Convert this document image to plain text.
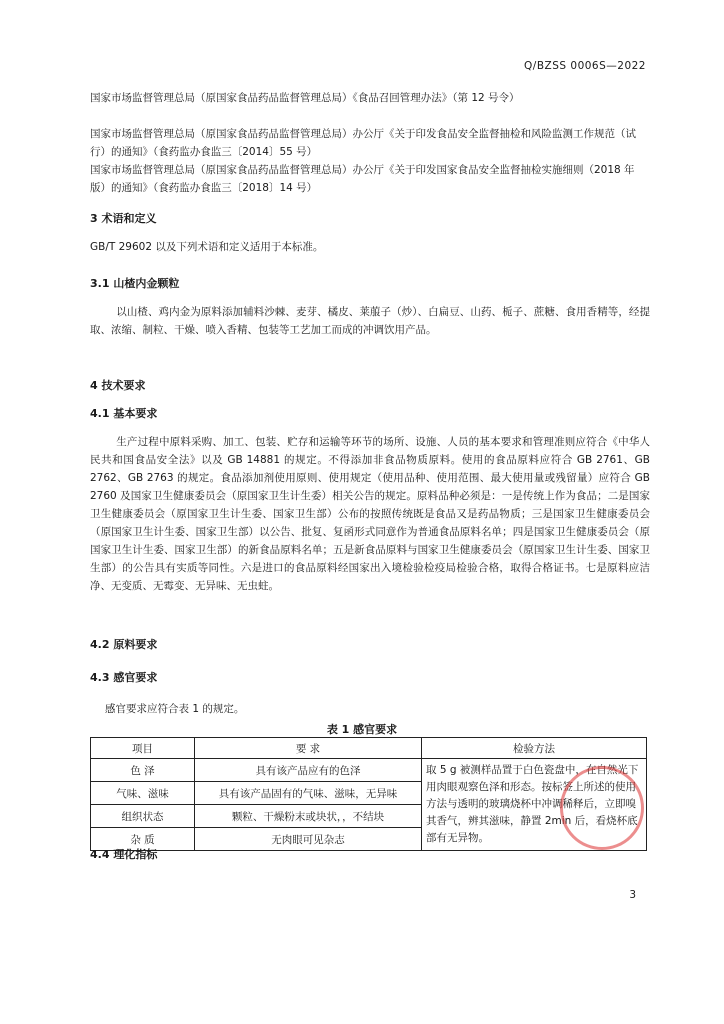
Q/BZSS 0006S—2022
国家市场监督管理总局（原国家食品药品监督管理总局）《食品召回管理办法》（第 12 号令）
国家市场监督管理总局（原国家食品药品监督管理总局）办公厅《关于印发食品安全监督抽检和风险监测工作规范（试行）的通知》（食药监办食监三〔2014〕55 号）
国家市场监督管理总局（原国家食品药品监督管理总局）办公厅《关于印发国家食品安全监督抽检实施细则（2018 年版）的通知》（食药监办食监三〔2018〕14 号）
3 术语和定义
GB/T 29602 以及下列术语和定义适用于本标准。
3.1 山楂内金颗粒
以山楂、鸡内金为原料添加辅料沙棘、麦芽、橘皮、莱菔子（炒）、白扁豆、山药、栀子、蔗糖、食用香精等，经提取、浓缩、制粒、干燥、喷入香精、包装等工艺加工而成的冲调饮用产品。
4 技术要求
4.1 基本要求
生产过程中原料采购、加工、包装、贮存和运输等环节的场所、设施、人员的基本要求和管理准则应符合《中华人民共和国食品安全法》以及 GB 14881 的规定。不得添加非食品物质原料。使用的食品原料应符合 GB 2761、GB 2762、GB 2763 的规定。食品添加剂使用原则、使用规定（使用品种、使用范围、最大使用量或残留量）应符合 GB 2760 及国家卫生健康委员会（原国家卫生计生委）相关公告的规定。原料品种必须是：一是传统上作为食品；二是国家卫生健康委员会（原国家卫生计生委、国家卫生部）公布的按照传统既是食品又是药品物质；三是国家卫生健康委员会（原国家卫生计生委、国家卫生部）以公告、批复、复函形式同意作为普通食品原料名单；四是国家卫生健康委员会（原国家卫生计生委、国家卫生部）的新食品原料名单；五是新食品原料与国家卫生健康委员会（原国家卫生计生委、国家卫生部）的公告具有实质等同性。六是进口的食品原料经国家出入境检验检疫局检验合格，取得合格证书。七是原料应洁净、无变质、无霉变、无异味、无虫蛀。
4.2 原料要求
4.3 感官要求
感官要求应符合表 1 的规定。
表 1 感官要求
项目	要 求	检验方法
色 泽	具有该产品应有的色泽	取 5 g 被测样品置于白色瓷盘中，在自然光下用肉眼观察色泽和形态。按标签上所述的使用方法与透明的玻璃烧杯中冲调稀释后，立即嗅其香气，辨其滋味，静置 2min 后，看烧杯底部有无异物。
气味、滋味	具有该产品固有的气味、滋味，无异味	
组织状态	颗粒、干燥粉末或块状，，不结块	
杂 质	无肉眼可见杂志	
4.4 理化指标
3
